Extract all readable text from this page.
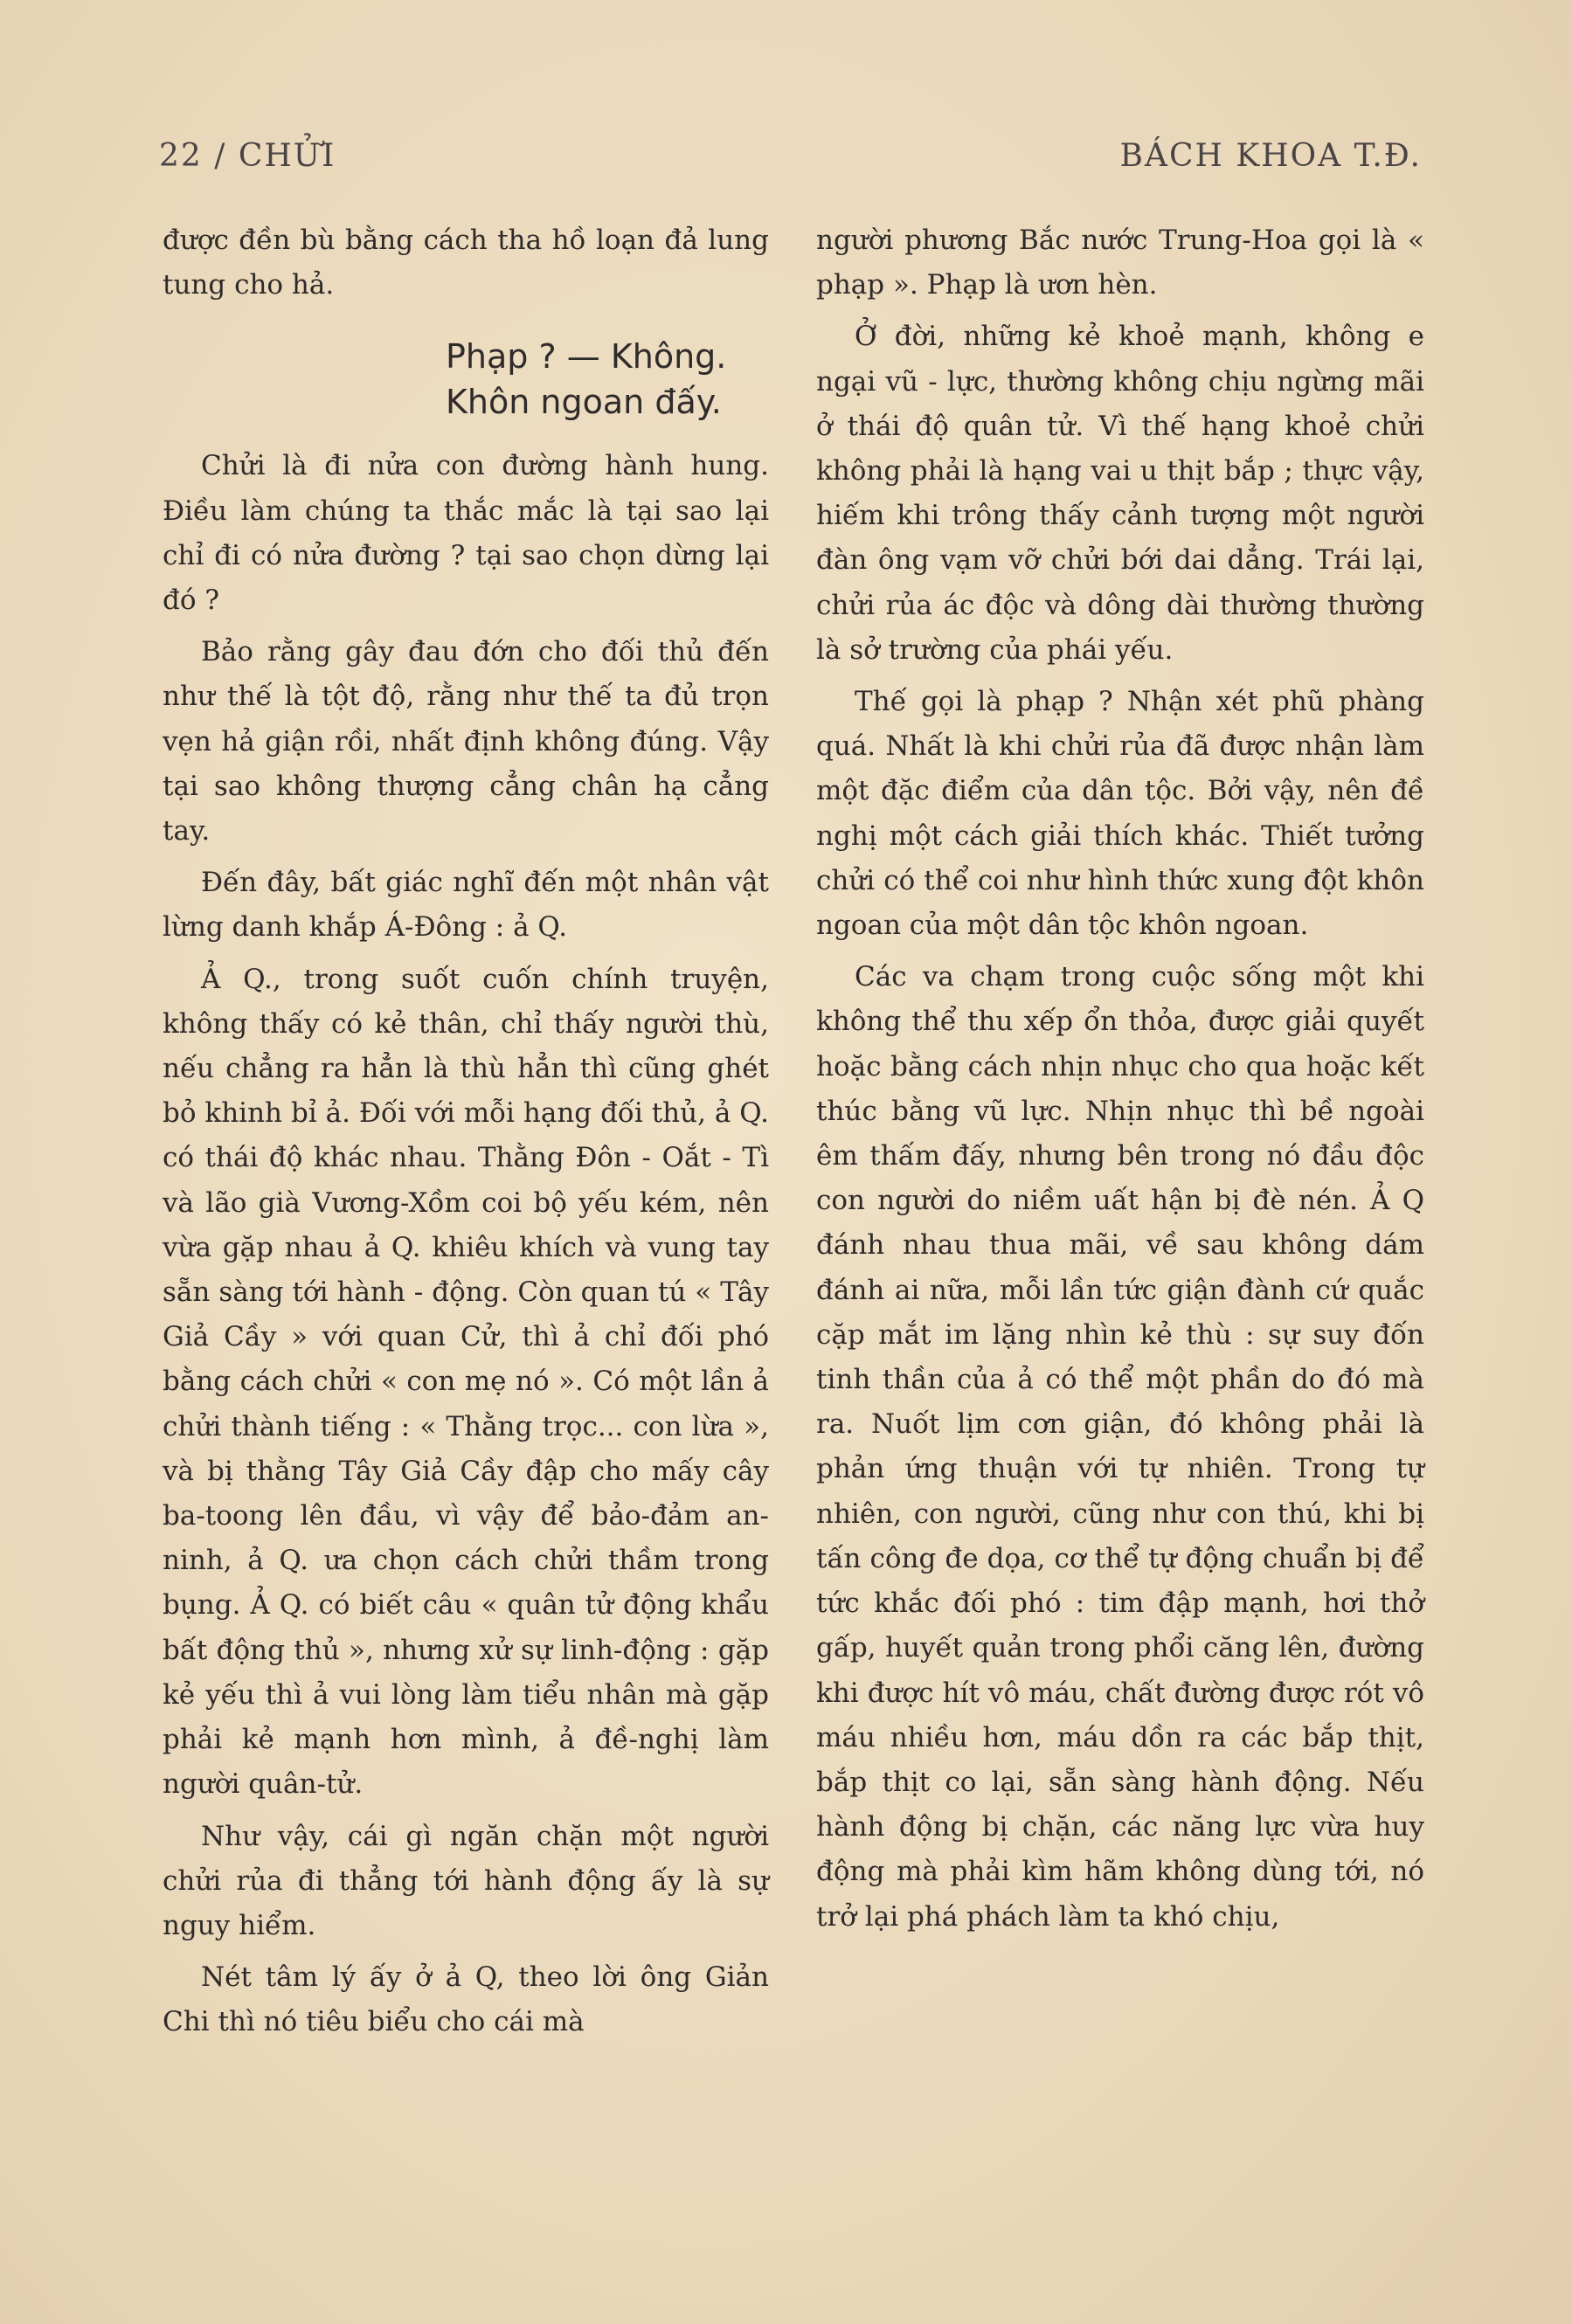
22 / CHỬI	BÁCH KHOA T.Đ.

được đền bù bằng cách tha hồ loạn đả lung tung cho hả.

Phạp ? — Không.
Khôn ngoan đấy.

Chửi là đi nửa con đường hành hung. Điều làm chúng ta thắc mắc là tại sao lại chỉ đi có nửa đường ? tại sao chọn dừng lại đó ?

Bảo rằng gây đau đớn cho đối thủ đến như thế là tột độ, rằng như thế ta đủ trọn vẹn hả giận rồi, nhất định không đúng. Vậy tại sao không thượng cẳng chân hạ cẳng tay.

Đến đây, bất giác nghĩ đến một nhân vật lừng danh khắp Á-Đông : ả Q.

Ả Q., trong suốt cuốn chính truyện, không thấy có kẻ thân, chỉ thấy người thù, nếu chẳng ra hẳn là thù hẳn thì cũng ghét bỏ khinh bỉ ả. Đối với mỗi hạng đối thủ, ả Q. có thái độ khác nhau. Thằng Đôn - Oắt - Tì và lão già Vương-Xồm coi bộ yếu kém, nên vừa gặp nhau ả Q. khiêu khích và vung tay sẵn sàng tới hành - động. Còn quan tú « Tây Giả Cầy » với quan Cử, thì ả chỉ đối phó bằng cách chửi « con mẹ nó ». Có một lần ả chửi thành tiếng : « Thằng trọc... con lừa », và bị thằng Tây Giả Cầy đập cho mấy cây ba-toong lên đầu, vì vậy để bảo-đảm an-ninh, ả Q. ưa chọn cách chửi thầm trong bụng. Ả Q. có biết câu « quân tử động khẩu bất động thủ », nhưng xử sự linh-động : gặp kẻ yếu thì ả vui lòng làm tiểu nhân mà gặp phải kẻ mạnh hơn mình, ả đề-nghị làm người quân-tử.

Như vậy, cái gì ngăn chặn một người chửi rủa đi thẳng tới hành động ấy là sự nguy hiểm.

Nét tâm lý ấy ở ả Q, theo lời ông Giản Chi thì nó tiêu biểu cho cái mà

người phương Bắc nước Trung-Hoa gọi là « phạp ». Phạp là ươn hèn.

Ở đời, những kẻ khoẻ mạnh, không e ngại vũ - lực, thường không chịu ngừng mãi ở thái độ quân tử. Vì thế hạng khoẻ chửi không phải là hạng vai u thịt bắp ; thực vậy, hiếm khi trông thấy cảnh tượng một người đàn ông vạm vỡ chửi bới dai dẳng. Trái lại, chửi rủa ác độc và dông dài thường thường là sở trường của phái yếu.

Thế gọi là phạp ? Nhận xét phũ phàng quá. Nhất là khi chửi rủa đã được nhận làm một đặc điểm của dân tộc. Bởi vậy, nên đề nghị một cách giải thích khác. Thiết tưởng chửi có thể coi như hình thức xung đột khôn ngoan của một dân tộc khôn ngoan.

Các va chạm trong cuộc sống một khi không thể thu xếp ổn thỏa, được giải quyết hoặc bằng cách nhịn nhục cho qua hoặc kết thúc bằng vũ lực. Nhịn nhục thì bề ngoài êm thấm đấy, nhưng bên trong nó đầu độc con người do niềm uất hận bị đè nén. Ả Q đánh nhau thua mãi, về sau không dám đánh ai nữa, mỗi lần tức giận đành cứ quắc cặp mắt im lặng nhìn kẻ thù : sự suy đốn tinh thần của ả có thể một phần do đó mà ra. Nuốt lịm cơn giận, đó không phải là phản ứng thuận với tự nhiên. Trong tự nhiên, con người, cũng như con thú, khi bị tấn công đe dọa, cơ thể tự động chuẩn bị để tức khắc đối phó : tim đập mạnh, hơi thở gấp, huyết quản trong phổi căng lên, đường khi được hít vô máu, chất đường được rót vô máu nhiều hơn, máu dồn ra các bắp thịt, bắp thịt co lại, sẵn sàng hành động. Nếu hành động bị chặn, các năng lực vừa huy động mà phải kìm hãm không dùng tới, nó trở lại phá phách làm ta khó chịu,
